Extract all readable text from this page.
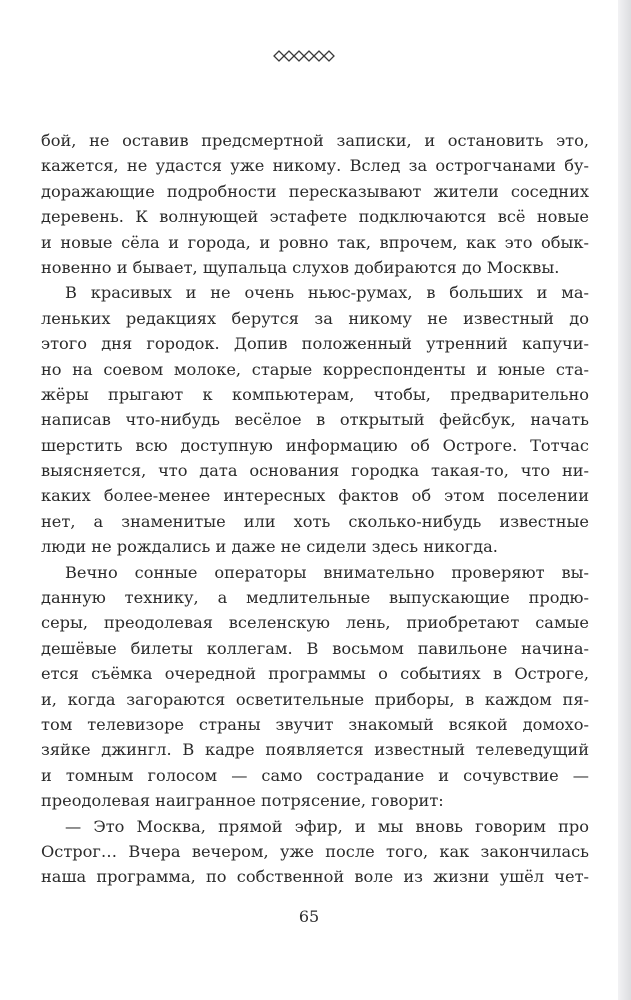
бой, не оставив предсмертной записки, и остановить это,
кажется, не удастся уже никому. Вслед за острогчанами бу-
доражающие подробности пересказывают жители соседних
деревень. К волнующей эстафете подключаются всё новые
и новые сёла и города, и ровно так, впрочем, как это обык-
новенно и бывает, щупальца слухов добираются до Москвы.
В красивых и не очень ньюс-румах, в больших и ма-
леньких редакциях берутся за никому не известный до
этого дня городок. Допив положенный утренний капучи-
но на соевом молоке, старые корреспонденты и юные ста-
жёры прыгают к компьютерам, чтобы, предварительно
написав что-нибудь весёлое в открытый фейсбук, начать
шерстить всю доступную информацию об Остроге. Тотчас
выясняется, что дата основания городка такая-то, что ни-
каких более-менее интересных фактов об этом поселении
нет, а знаменитые или хоть сколько-нибудь известные
люди не рождались и даже не сидели здесь никогда.
Вечно сонные операторы внимательно проверяют вы-
данную технику, а медлительные выпускающие продю-
серы, преодолевая вселенскую лень, приобретают самые
дешёвые билеты коллегам. В восьмом павильоне начина-
ется съёмка очередной программы о событиях в Остроге,
и, когда загораются осветительные приборы, в каждом пя-
том телевизоре страны звучит знакомый всякой домохо-
зяйке джингл. В кадре появляется известный телеведущий
и томным голосом — само сострадание и сочувствие —
преодолевая наигранное потрясение, говорит:
— Это Москва, прямой эфир, и мы вновь говорим про
Острог… Вчера вечером, уже после того, как закончилась
наша программа, по собственной воле из жизни ушёл чет-
65
